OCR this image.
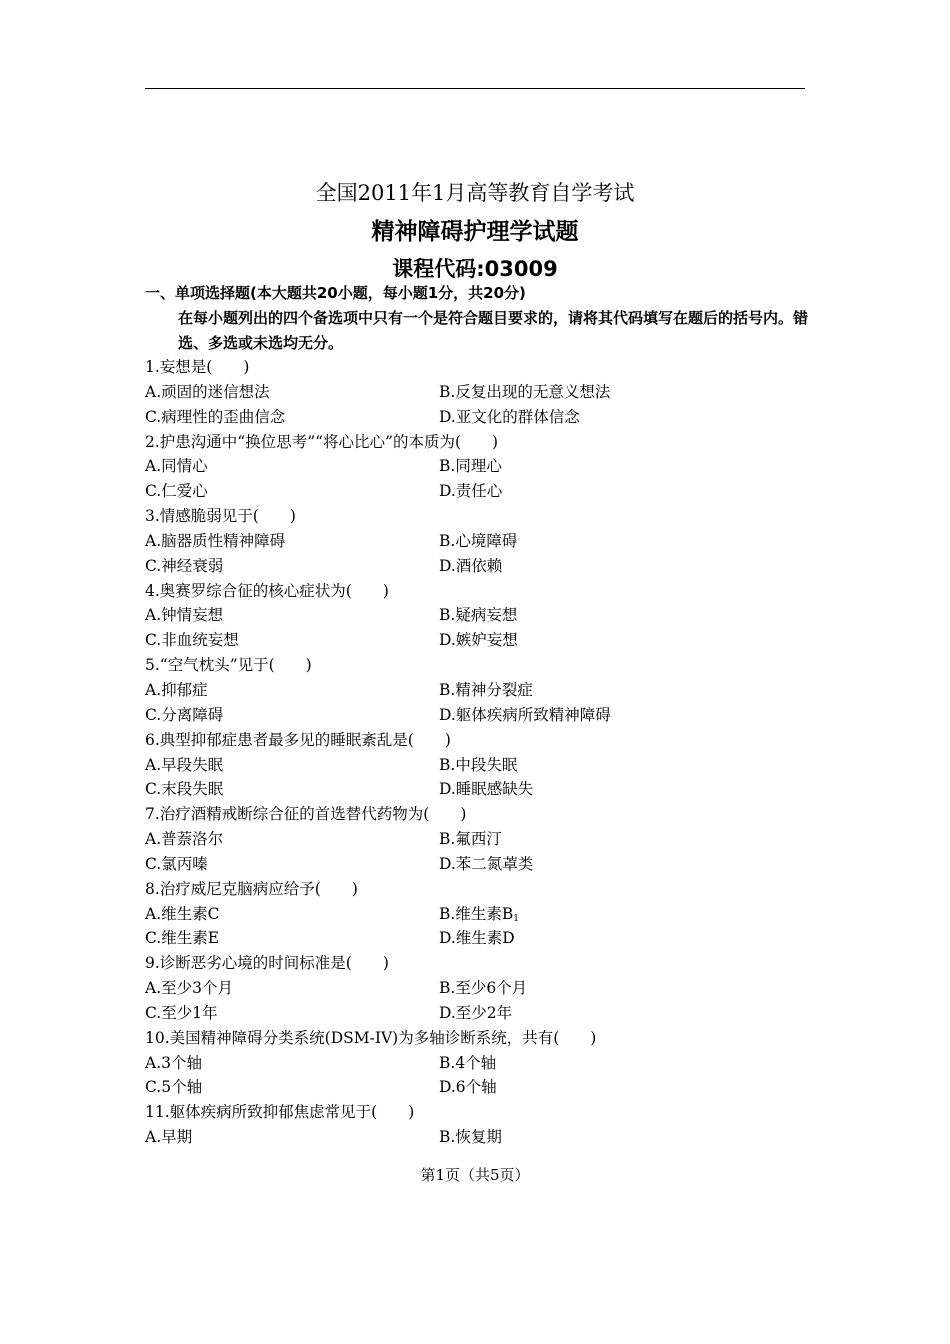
全国2011年1月高等教育自学考试
精神障碍护理学试题
课程代码:03009
一、单项选择题(本大题共20小题，每小题1分，共20分)
在每小题列出的四个备选项中只有一个是符合题目要求的，请将其代码填写在题后的括号内。错选、多选或未选均无分。
1.妄想是(　　)
A.顽固的迷信想法	B.反复出现的无意义想法
C.病理性的歪曲信念	D.亚文化的群体信念
2.护患沟通中“换位思考”“将心比心”的本质为(　　)
A.同情心	B.同理心
C.仁爱心	D.责任心
3.情感脆弱见于(　　)
A.脑器质性精神障碍	B.心境障碍
C.神经衰弱	D.酒依赖
4.奥赛罗综合征的核心症状为(　　)
A.钟情妄想	B.疑病妄想
C.非血统妄想	D.嫉妒妄想
5.“空气枕头”见于(　　)
A.抑郁症	B.精神分裂症
C.分离障碍	D.躯体疾病所致精神障碍
6.典型抑郁症患者最多见的睡眠紊乱是(　　)
A.早段失眠	B.中段失眠
C.末段失眠	D.睡眠感缺失
7.治疗酒精戒断综合征的首选替代药物为(　　)
A.普萘洛尔	B.氟西汀
C.氯丙嗪	D.苯二氮䓬类
8.治疗威尼克脑病应给予(　　)
A.维生素C	B.维生素$B_1$
C.维生素E	D.维生素D
9.诊断恶劣心境的时间标准是(　　)
A.至少3个月	B.至少6个月
C.至少1年	D.至少2年
10.美国精神障碍分类系统(DSM-IV)为多轴诊断系统，共有(　　)
A.3个轴	B.4个轴
C.5个轴	D.6个轴
11.躯体疾病所致抑郁焦虑常见于(　　)
A.早期	B.恢复期
第1页（共5页）
